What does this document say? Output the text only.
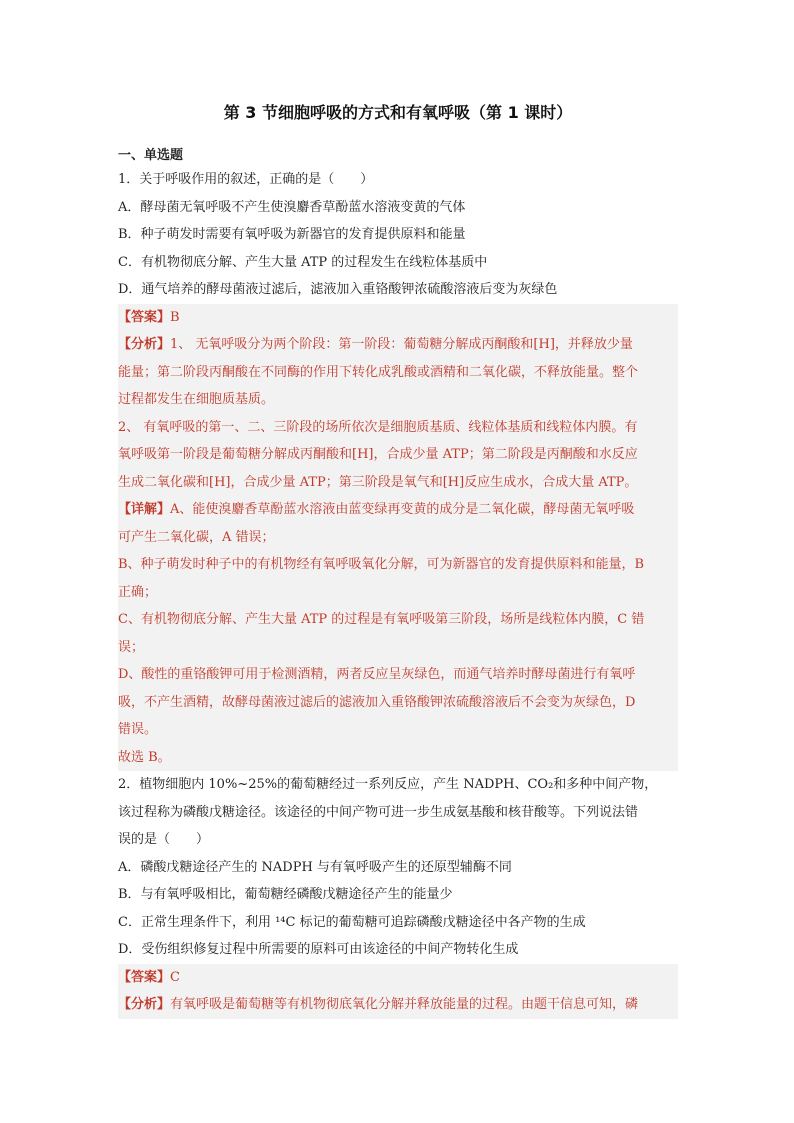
第 3 节细胞呼吸的方式和有氧呼吸（第 1 课时）
一、单选题
1．关于呼吸作用的叙述，正确的是（　　）
A．酵母菌无氧呼吸不产生使溴麝香草酚蓝水溶液变黄的气体
B．种子萌发时需要有氧呼吸为新器官的发育提供原料和能量
C．有机物彻底分解、产生大量 ATP 的过程发生在线粒体基质中
D．通气培养的酵母菌液过滤后，滤液加入重铬酸钾浓硫酸溶液后变为灰绿色
【答案】B
【分析】1、 无氧呼吸分为两个阶段：第一阶段：葡萄糖分解成丙酮酸和[H]，并释放少量
能量；第二阶段丙酮酸在不同酶的作用下转化成乳酸或酒精和二氧化碳，不释放能量。整个
过程都发生在细胞质基质。
2、 有氧呼吸的第一、二、三阶段的场所依次是细胞质基质、线粒体基质和线粒体内膜。有
氧呼吸第一阶段是葡萄糖分解成丙酮酸和[H]，合成少量 ATP；第二阶段是丙酮酸和水反应
生成二氧化碳和[H]，合成少量 ATP；第三阶段是氧气和[H]反应生成水，合成大量 ATP。
【详解】A、能使溴麝香草酚蓝水溶液由蓝变绿再变黄的成分是二氧化碳，酵母菌无氧呼吸
可产生二氧化碳，A 错误；
B、种子萌发时种子中的有机物经有氧呼吸氧化分解，可为新器官的发育提供原料和能量，B
正确；
C、有机物彻底分解、产生大量 ATP 的过程是有氧呼吸第三阶段，场所是线粒体内膜，C 错
误；
D、酸性的重铬酸钾可用于检测酒精，两者反应呈灰绿色，而通气培养时酵母菌进行有氧呼
吸，不产生酒精，故酵母菌液过滤后的滤液加入重铬酸钾浓硫酸溶液后不会变为灰绿色，D
错误。
故选 B。
2．植物细胞内 10%~25%的葡萄糖经过一系列反应，产生 NADPH、CO₂和多种中间产物，
该过程称为磷酸戊糖途径。该途径的中间产物可进一步生成氨基酸和核苷酸等。下列说法错
误的是（　　）
A．磷酸戊糖途径产生的 NADPH 与有氧呼吸产生的还原型辅酶不同
B．与有氧呼吸相比，葡萄糖经磷酸戊糖途径产生的能量少
C．正常生理条件下，利用 ¹⁴C 标记的葡萄糖可追踪磷酸戊糖途径中各产物的生成
D．受伤组织修复过程中所需要的原料可由该途径的中间产物转化生成
【答案】C
【分析】有氧呼吸是葡萄糖等有机物彻底氧化分解并释放能量的过程。由题干信息可知，磷
